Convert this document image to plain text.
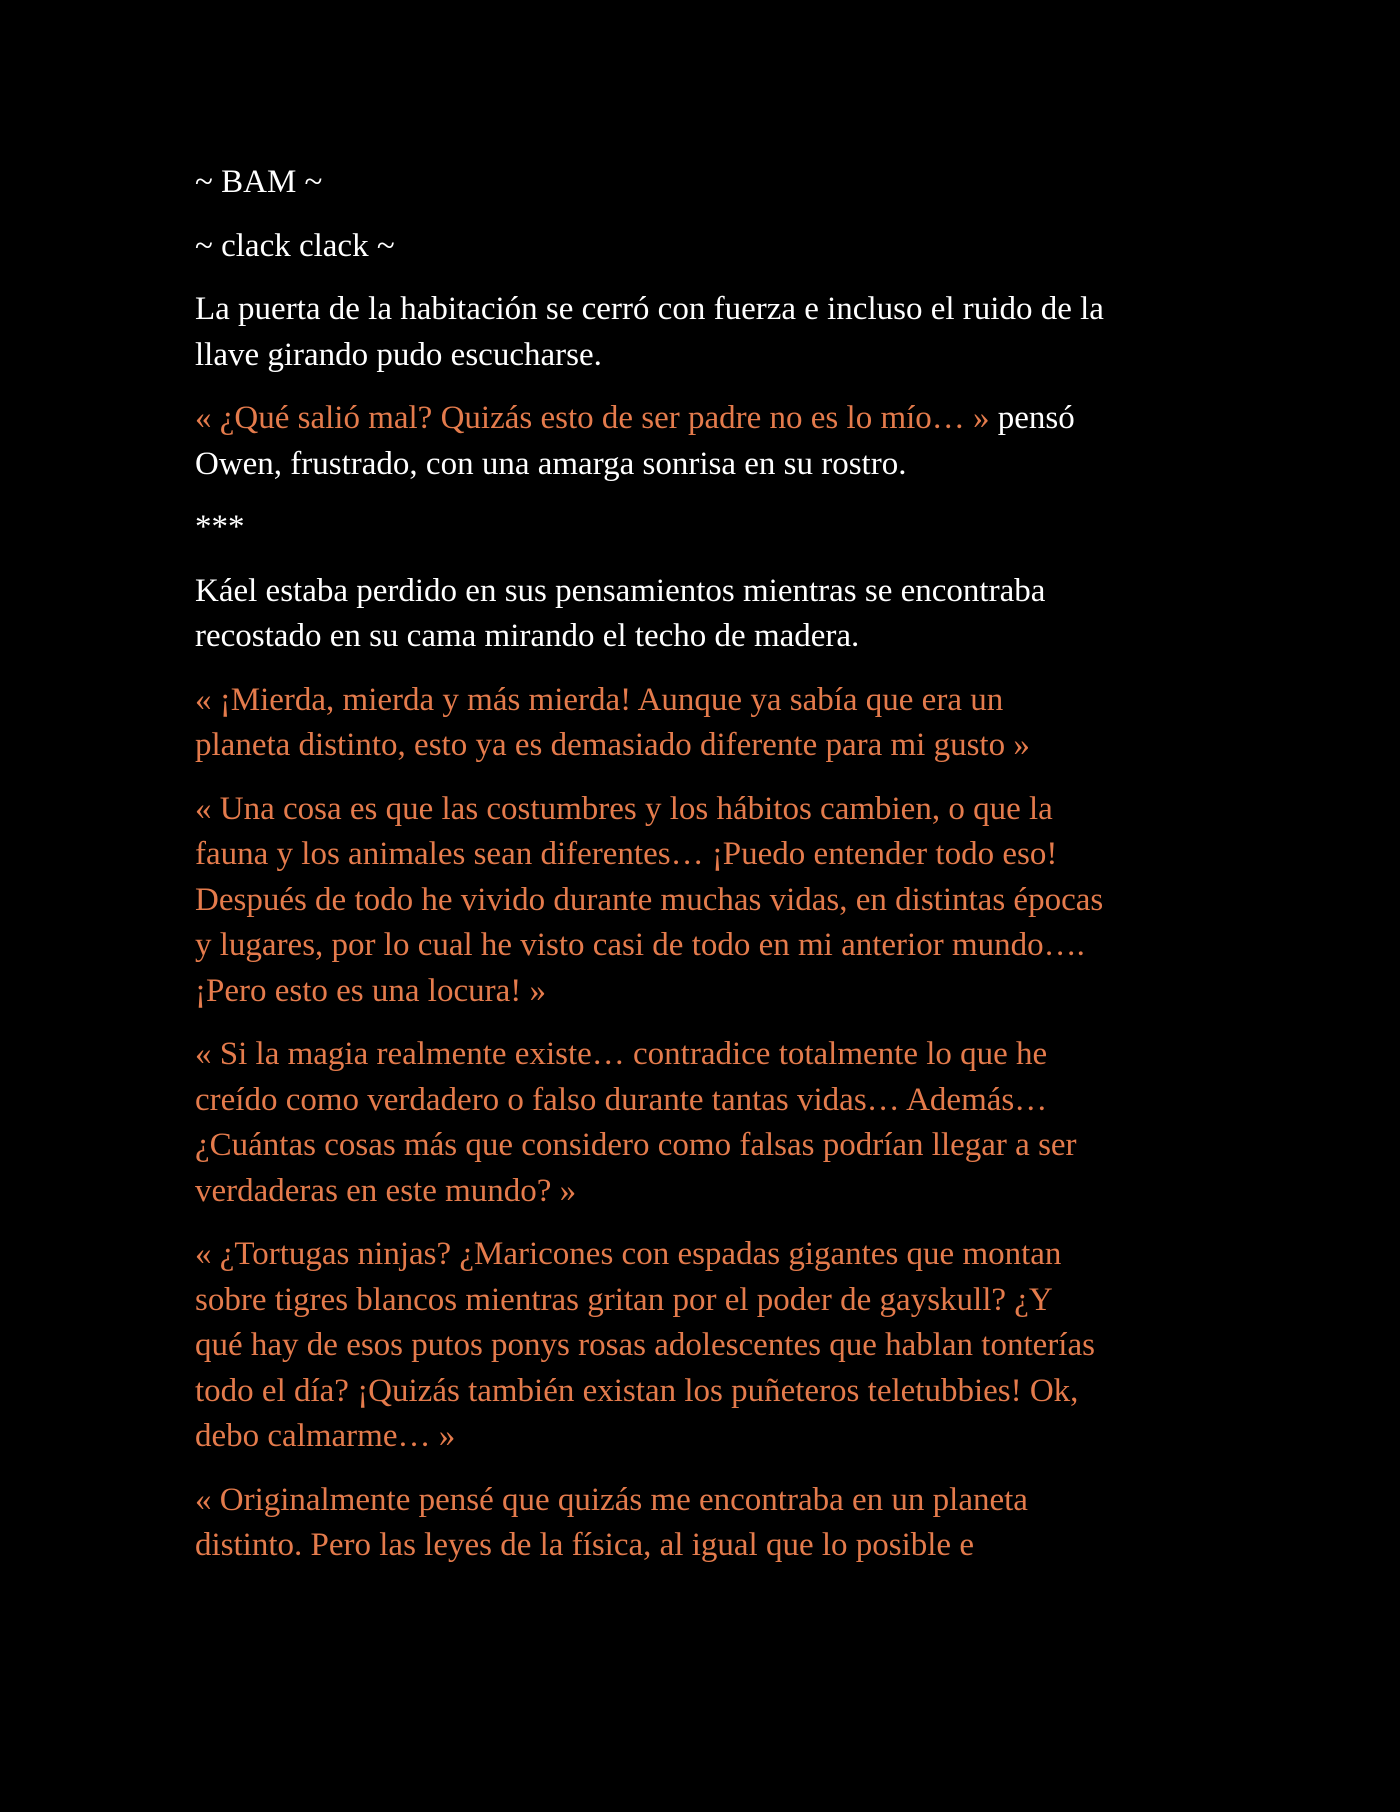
~ BAM ~
~ clack clack ~
La puerta de la habitación se cerró con fuerza e incluso el ruido de la
llave girando pudo escucharse.
« ¿Qué salió mal? Quizás esto de ser padre no es lo mío… » pensó
Owen, frustrado, con una amarga sonrisa en su rostro.
***
Káel estaba perdido en sus pensamientos mientras se encontraba
recostado en su cama mirando el techo de madera.
« ¡Mierda, mierda y más mierda! Aunque ya sabía que era un
planeta distinto, esto ya es demasiado diferente para mi gusto »
« Una cosa es que las costumbres y los hábitos cambien, o que la
fauna y los animales sean diferentes… ¡Puedo entender todo eso!
Después de todo he vivido durante muchas vidas, en distintas épocas
y lugares, por lo cual he visto casi de todo en mi anterior mundo….
¡Pero esto es una locura! »
« Si la magia realmente existe… contradice totalmente lo que he
creído como verdadero o falso durante tantas vidas… Además…
¿Cuántas cosas más que considero como falsas podrían llegar a ser
verdaderas en este mundo? »
« ¿Tortugas ninjas? ¿Maricones con espadas gigantes que montan
sobre tigres blancos mientras gritan por el poder de gayskull? ¿Y
qué hay de esos putos ponys rosas adolescentes que hablan tonterías
todo el día? ¡Quizás también existan los puñeteros teletubbies! Ok,
debo calmarme… »
« Originalmente pensé que quizás me encontraba en un planeta
distinto. Pero las leyes de la física, al igual que lo posible e
